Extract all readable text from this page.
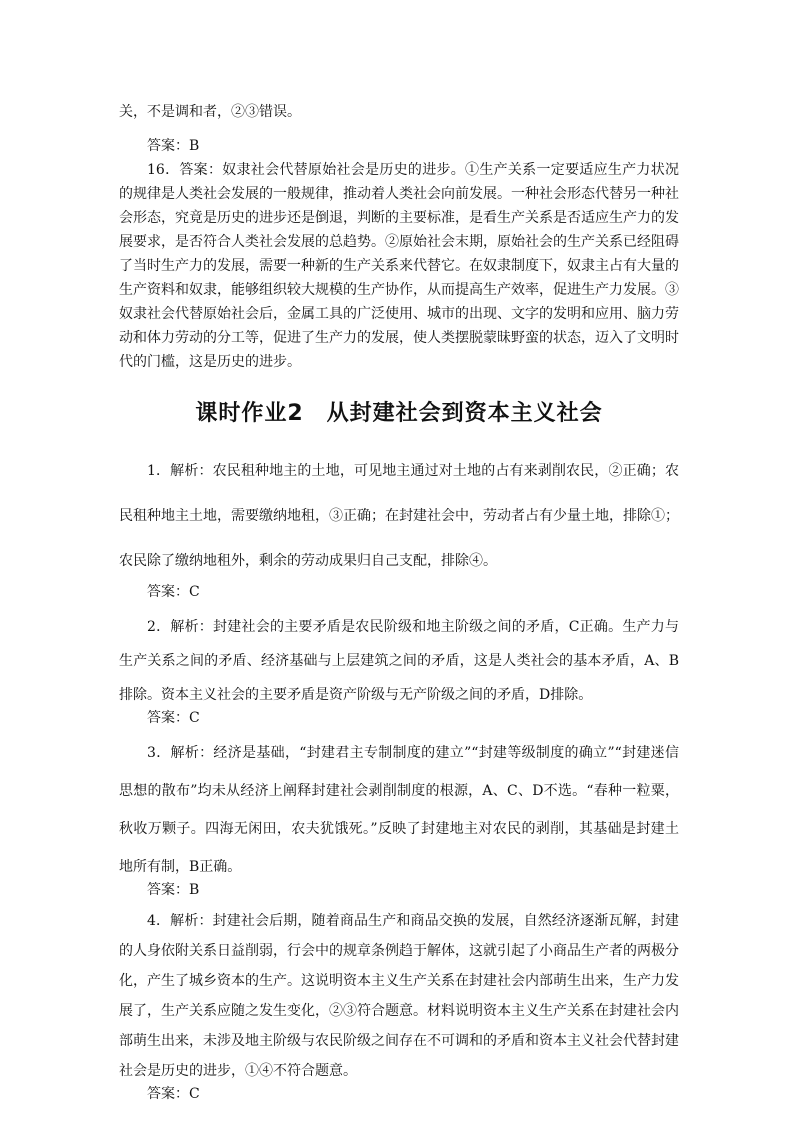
关，不是调和者，②③错误。

答案：B

16．答案：奴隶社会代替原始社会是历史的进步。①生产关系一定要适应生产力状况的规律是人类社会发展的一般规律，推动着人类社会向前发展。一种社会形态代替另一种社会形态，究竟是历史的进步还是倒退，判断的主要标准，是看生产关系是否适应生产力的发展要求，是否符合人类社会发展的总趋势。②原始社会末期，原始社会的生产关系已经阻碍了当时生产力的发展，需要一种新的生产关系来代替它。在奴隶制度下，奴隶主占有大量的生产资料和奴隶，能够组织较大规模的生产协作，从而提高生产效率，促进生产力发展。③奴隶社会代替原始社会后，金属工具的广泛使用、城市的出现、文字的发明和应用、脑力劳动和体力劳动的分工等，促进了生产力的发展，使人类摆脱蒙昧野蛮的状态，迈入了文明时代的门槛，这是历史的进步。

课时作业2　从封建社会到资本主义社会

1．解析：农民租种地主的土地，可见地主通过对土地的占有来剥削农民，②正确；农民租种地主土地，需要缴纳地租，③正确；在封建社会中，劳动者占有少量土地，排除①；农民除了缴纳地租外，剩余的劳动成果归自己支配，排除④。

答案：C

2．解析：封建社会的主要矛盾是农民阶级和地主阶级之间的矛盾，C正确。生产力与生产关系之间的矛盾、经济基础与上层建筑之间的矛盾，这是人类社会的基本矛盾，A、B排除。资本主义社会的主要矛盾是资产阶级与无产阶级之间的矛盾，D排除。

答案：C

3．解析：经济是基础，“封建君主专制制度的建立”“封建等级制度的确立”“封建迷信思想的散布”均未从经济上阐释封建社会剥削制度的根源，A、C、D不选。“春种一粒粟，秋收万颗子。四海无闲田，农夫犹饿死。”反映了封建地主对农民的剥削，其基础是封建土地所有制，B正确。

答案：B

4．解析：封建社会后期，随着商品生产和商品交换的发展，自然经济逐渐瓦解，封建的人身依附关系日益削弱，行会中的规章条例趋于解体，这就引起了小商品生产者的两极分化，产生了城乡资本的生产。这说明资本主义生产关系在封建社会内部萌生出来，生产力发展了，生产关系应随之发生变化，②③符合题意。材料说明资本主义生产关系在封建社会内部萌生出来，未涉及地主阶级与农民阶级之间存在不可调和的矛盾和资本主义社会代替封建社会是历史的进步，①④不符合题意。

答案：C
